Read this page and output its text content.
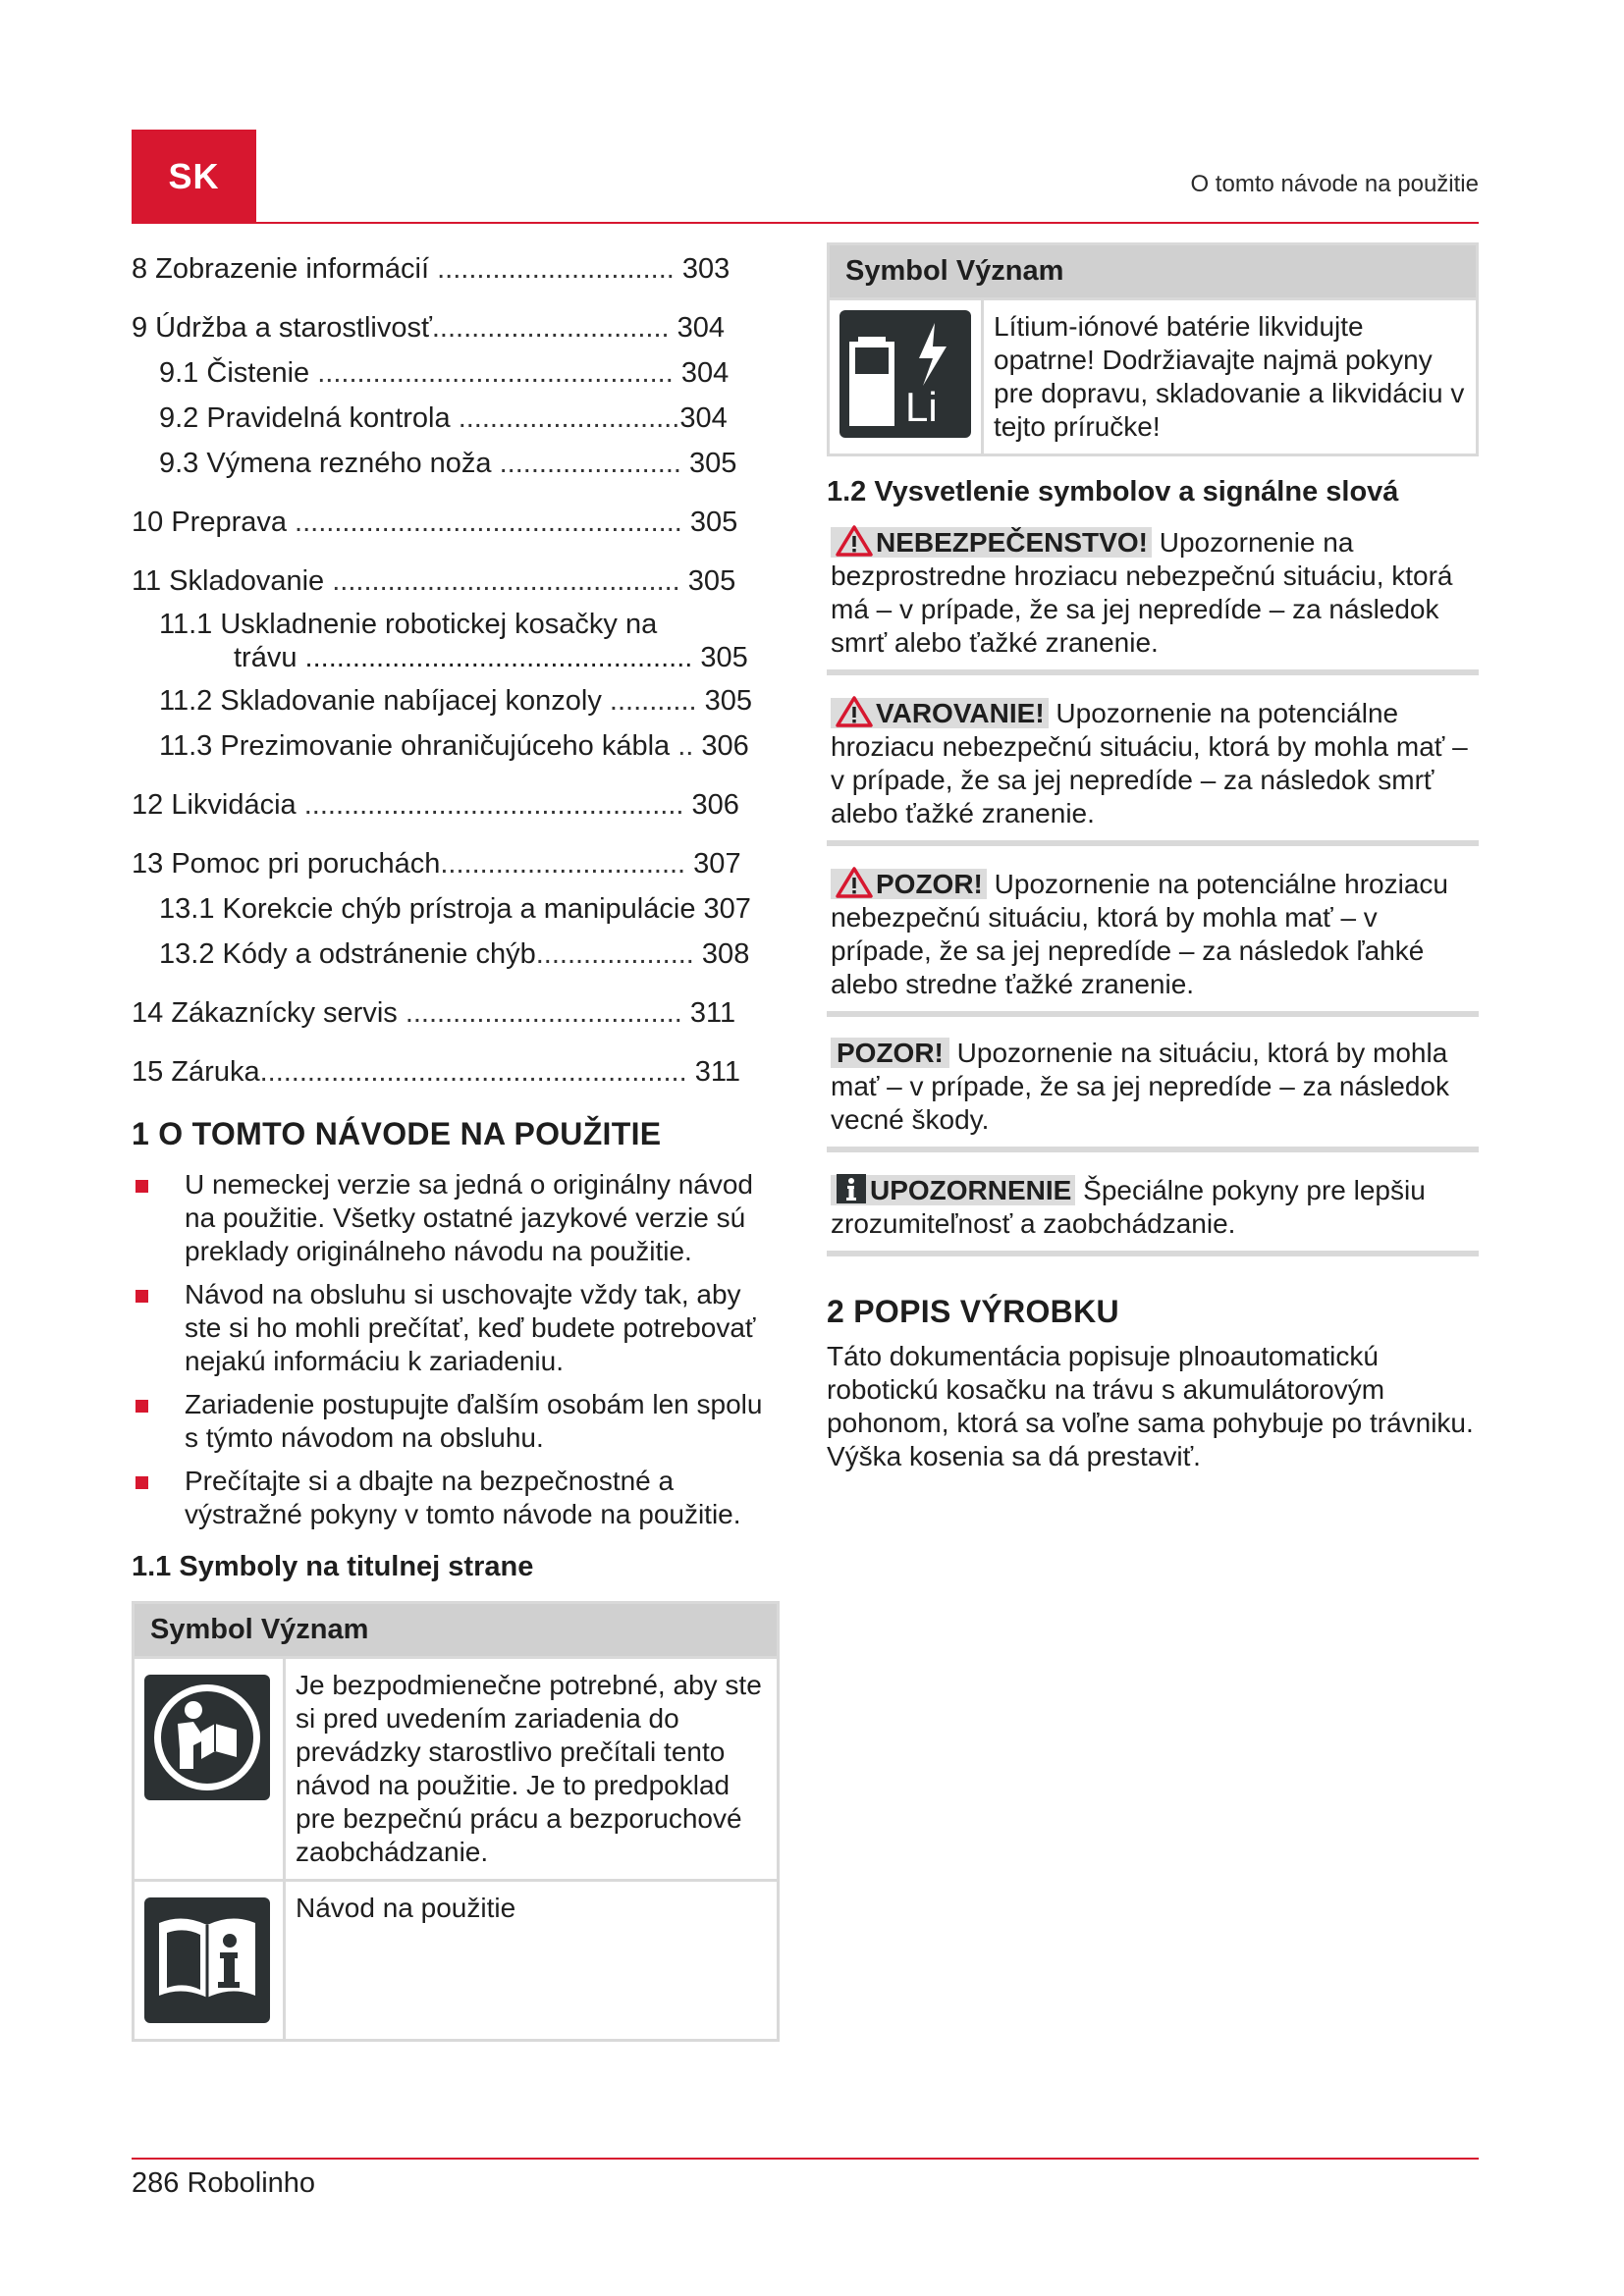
SK	O tomto návode na použitie
8 Zobrazenie informácií .............................. 303
9 Údržba a starostlivosť.............................. 304
9.1 Čistenie ............................................. 304
9.2 Pravidelná kontrola ............................304
9.3 Výmena rezného noža ....................... 305
10 Preprava ................................................. 305
11 Skladovanie ............................................ 305
11.1 Uskladnenie robotickej kosačky na
trávu ................................................. 305
11.2 Skladovanie nabíjacej konzoly ........... 305
11.3 Prezimovanie ohraničujúceho kábla .. 306
12 Likvidácia ................................................ 306
13 Pomoc pri poruchách............................... 307
13.1 Korekcie chýb prístroja a manipulácie 307
13.2 Kódy a odstránenie chýb.................... 308
14 Zákaznícky servis ................................... 311
15 Záruka...................................................... 311
1 O TOMTO NÁVODE NA POUŽITIE
U nemeckej verzie sa jedná o originálny návod na použitie. Všetky ostatné jazykové verzie sú preklady originálneho návodu na použitie.
Návod na obsluhu si uschovajte vždy tak, aby ste si ho mohli prečítať, keď budete potrebovať nejakú informáciu k zariadeniu.
Zariadenie postupujte ďalším osobám len spolu s týmto návodom na obsluhu.
Prečítajte si a dbajte na bezpečnostné a výstražné pokyny v tomto návode na použitie.
1.1 Symboly na titulnej strane
Symbol Význam	

	Je bezpodmienečne potrebné, aby ste si pred uvedením zariadenia do prevádzky starostlivo prečítali tento návod na použitie. Je to predpoklad pre bezpečnú prácu a bezporuchové zaobchádzanie.

	Návod na použitie
Symbol Význam

Li
	Lítium-iónové batérie likvidujte opatrne! Dodržiavajte najmä pokyny pre dopravu, skladovanie a likvidáciu v tejto príručke!
1.2 Vysvetlenie symbolov a signálne slová
NEBEZPEČENSTVO! Upozornenie na bezprostredne hroziacu nebezpečnú situáciu, ktorá má – v prípade, že sa jej nepredíde – za následok smrť alebo ťažké zranenie.
VAROVANIE! Upozornenie na potenciálne hroziacu nebezpečnú situáciu, ktorá by mohla mať – v prípade, že sa jej nepredíde – za následok smrť alebo ťažké zranenie.
POZOR! Upozornenie na potenciálne hroziacu nebezpečnú situáciu, ktorá by mohla mať – v prípade, že sa jej nepredíde – za následok ľahké alebo stredne ťažké zranenie.
POZOR! Upozornenie na situáciu, ktorá by mohla mať – v prípade, že sa jej nepredíde – za následok vecné škody.
UPOZORNENIE Špeciálne pokyny pre lepšiu zrozumiteľnosť a zaobchádzanie.
2 POPIS VÝROBKU

Táto dokumentácia popisuje plnoautomatickú robotickú kosačku na trávu s akumulátorovým pohonom, ktorá sa voľne sama pohybuje po trávniku. Výška kosenia sa dá prestaviť.

286 Robolinho
